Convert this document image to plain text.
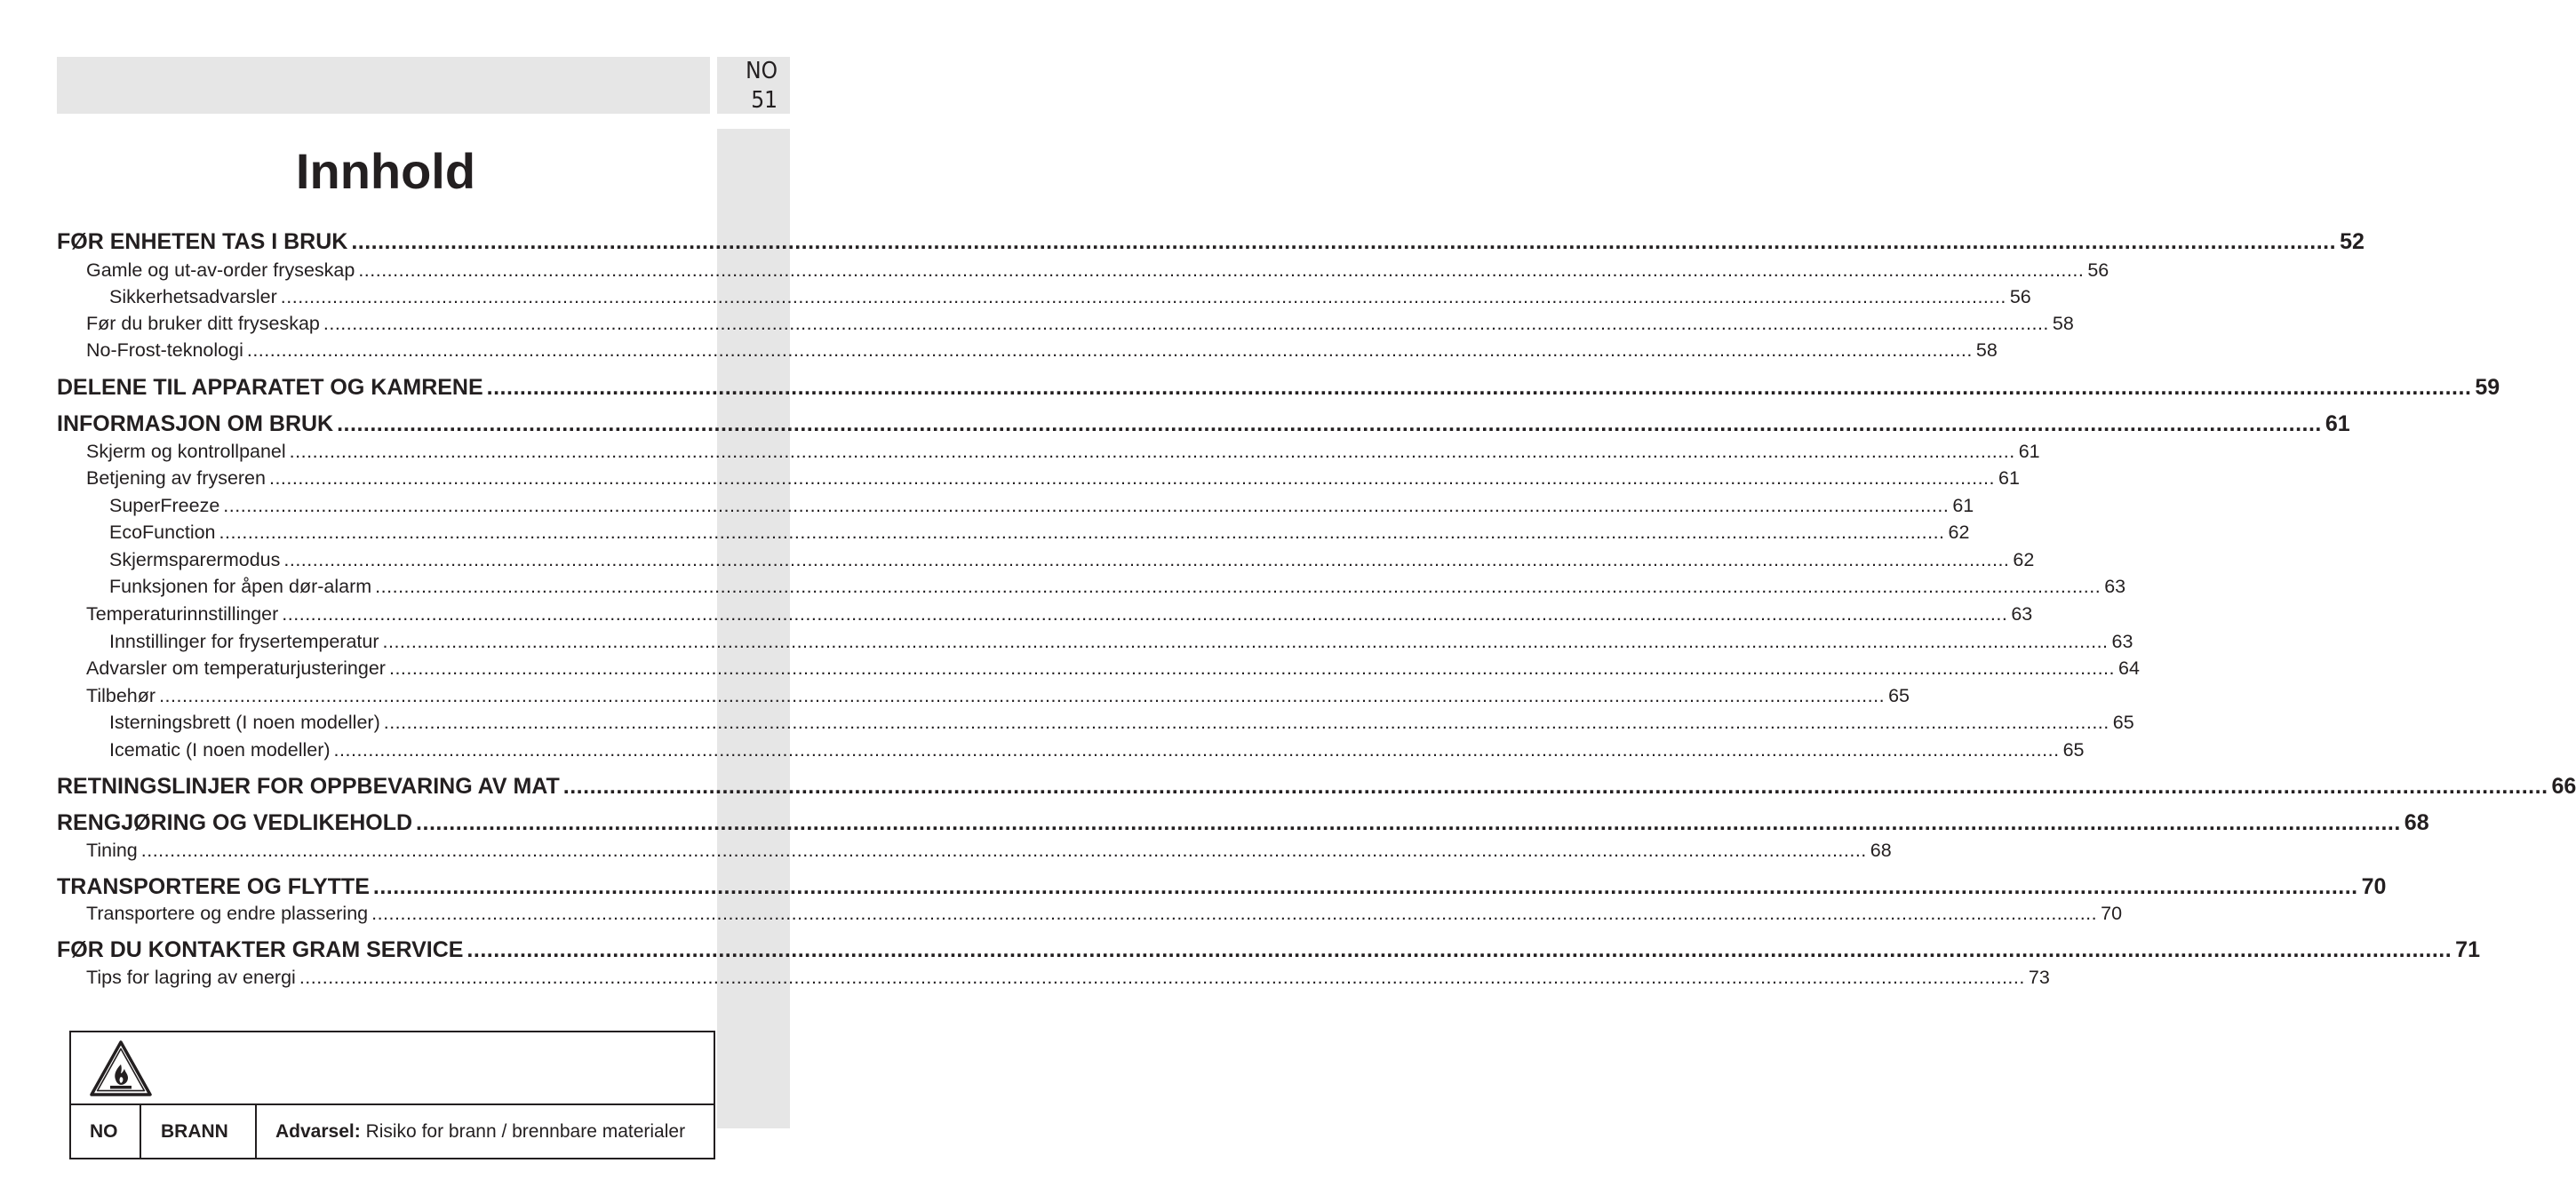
NO
51
Innhold
FØR ENHETEN TAS I BRUK ............................................................................................................................................................................................................................................................................................................ 52
Gamle og ut-av-order fryseskap ............................................................................................................................................................................................................................................................................................................ 56
Sikkerhetsadvarsler ............................................................................................................................................................................................................................................................................................................ 56
Før du bruker ditt fryseskap ............................................................................................................................................................................................................................................................................................................ 58
No-Frost-teknologi ............................................................................................................................................................................................................................................................................................................ 58
DELENE TIL APPARATET OG KAMRENE ............................................................................................................................................................................................................................................................................................................ 59
INFORMASJON OM BRUK ............................................................................................................................................................................................................................................................................................................ 61
Skjerm og kontrollpanel ............................................................................................................................................................................................................................................................................................................ 61
Betjening av fryseren ............................................................................................................................................................................................................................................................................................................ 61
SuperFreeze ............................................................................................................................................................................................................................................................................................................ 61
EcoFunction ............................................................................................................................................................................................................................................................................................................ 62
Skjermsparermodus ............................................................................................................................................................................................................................................................................................................ 62
Funksjonen for åpen dør-alarm ............................................................................................................................................................................................................................................................................................................ 63
Temperaturinnstillinger ............................................................................................................................................................................................................................................................................................................ 63
Innstillinger for frysertemperatur ............................................................................................................................................................................................................................................................................................................ 63
Advarsler om temperaturjusteringer ............................................................................................................................................................................................................................................................................................................ 64
Tilbehør ............................................................................................................................................................................................................................................................................................................ 65
Isterningsbrett (I noen modeller) ............................................................................................................................................................................................................................................................................................................ 65
Icematic (I noen modeller) ............................................................................................................................................................................................................................................................................................................ 65
RETNINGSLINJER FOR OPPBEVARING AV MAT ............................................................................................................................................................................................................................................................................................................ 66
RENGJØRING OG VEDLIKEHOLD ............................................................................................................................................................................................................................................................................................................ 68
Tining ............................................................................................................................................................................................................................................................................................................ 68
TRANSPORTERE OG FLYTTE ............................................................................................................................................................................................................................................................................................................ 70
Transportere og endre plassering ............................................................................................................................................................................................................................................................................................................ 70
FØR DU KONTAKTER GRAM SERVICE ............................................................................................................................................................................................................................................................................................................ 71
Tips for lagring av energi ............................................................................................................................................................................................................................................................................................................ 73
NO	BRANN	Advarsel: Risiko for brann / brennbare materialer
